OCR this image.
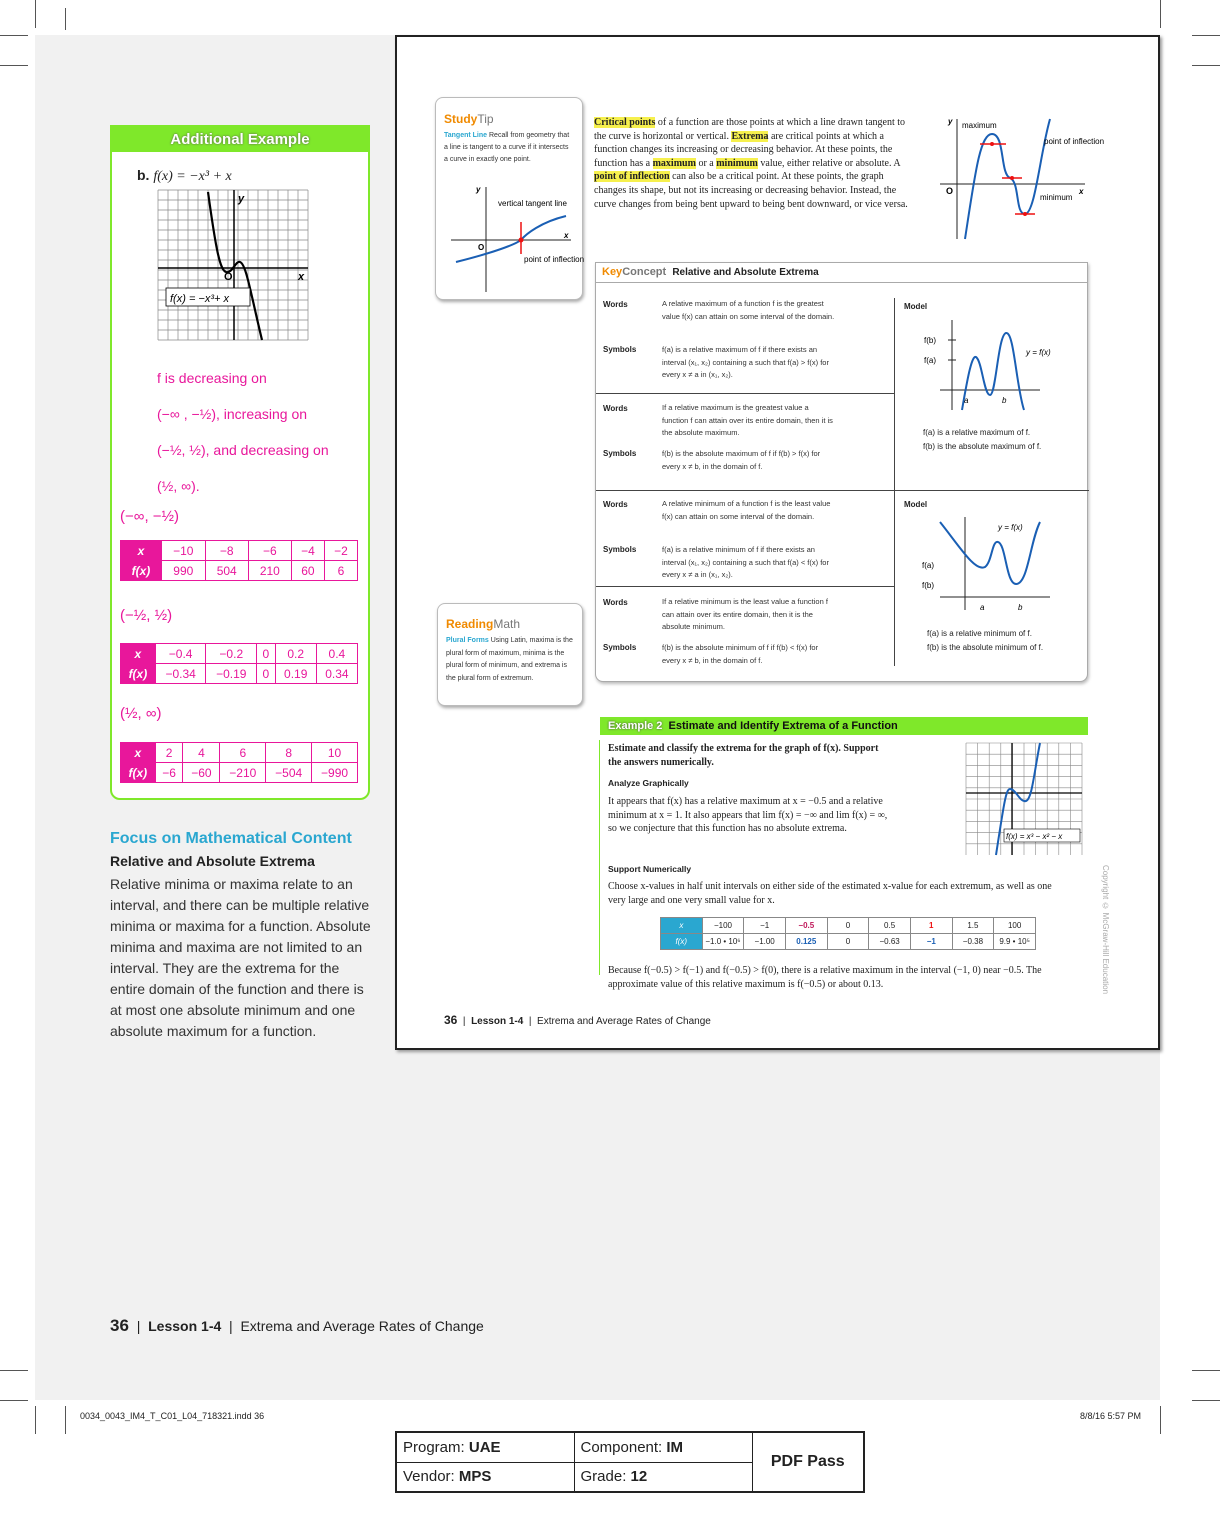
Additional Example
b. f(x) = −x³ + x
x
y
O
f(x) = −x³+ x
f is decreasing on
(−∞ , −½), increasing on
(−½, ½), and decreasing on
(½, ∞).
(−∞, −½)
x	−10	−8	−6	−4	−2
f(x)	990	504	210	60	6
(−½, ½)
x	−0.4	−0.2	0	0.2	0.4
f(x)	−0.34	−0.19	0	0.19	0.34
(½, ∞)
x	2	4	6	8	10
f(x)	−6	−60	−210	−504	−990
Focus on Mathematical Content
Relative and Absolute Extrema
Relative minima or maxima relate to an interval, and there can be multiple relative minima or maxima for a function. Absolute minima and maxima are not limited to an interval. They are the extrema for the entire domain of the function and there is at most one absolute minimum and one absolute maximum for a function.
StudyTip
Tangent Line Recall from geometry that a line is tangent to a curve if it intersects a curve in exactly one point.
vertical tangent line
point of inflection
y
x
O
Critical points of a function are those points at which a line drawn tangent to the curve is horizontal or vertical. Extrema are critical points at which a function changes its increasing or decreasing behavior. At these points, the function has a maximum or a minimum value, either relative or absolute. A point of inflection can also be a critical point. At these points, the graph changes its shape, but not its increasing or decreasing behavior. Instead, the curve changes from being bent upward to being bent downward, or vice versa.
maximum
point of inflection
minimum
y
x
O
KeyConcept Relative and Absolute Extrema
Words	A relative maximum of a function f is the greatest value f(x) can attain on some interval of the domain.
Symbols	f(a) is a relative maximum of f if there exists an interval (x₁, x₂) containing a such that f(a) > f(x) for every x ≠ a in (x₁, x₂).
Words	If a relative maximum is the greatest value a function f can attain over its entire domain, then it is the absolute maximum.
Symbols	f(b) is the absolute maximum of f if f(b) > f(x) for every x ≠ b, in the domain of f.
Words	A relative minimum of a function f is the least value f(x) can attain on some interval of the domain.
Symbols	f(a) is a relative minimum of f if there exists an interval (x₁, x₂) containing a such that f(a) < f(x) for every x ≠ a in (x₁, x₂).
Words	If a relative minimum is the least value a function f can attain over its entire domain, then it is the absolute minimum.
Symbols	f(b) is the absolute minimum of f if f(b) < f(x) for every x ≠ b, in the domain of f.
Model
f(b)
f(a)
y = f(x)
a	b
f(a) is a relative maximum of f.
f(b) is the absolute maximum of f.
Model
f(a)
f(b)
y = f(x)
a	b
f(a) is a relative minimum of f.
f(b) is the absolute minimum of f.
ReadingMath
Plural Forms Using Latin, maxima is the plural form of maximum, minima is the plural form of minimum, and extrema is the plural form of extremum.
Example 2 Estimate and Identify Extrema of a Function
Estimate and classify the extrema for the graph of f(x). Support the answers numerically.
Analyze Graphically
It appears that f(x) has a relative maximum at x = −0.5 and a relative minimum at x = 1. It also appears that lim f(x) = −∞ and lim f(x) = ∞, so we conjecture that this function has no absolute extrema.
f(x) = x³ − x² − x
Support Numerically
Choose x-values in half unit intervals on either side of the estimated x-value for each extremum, as well as one very large and one very small value for x.
x	−100	−1	−0.5	0	0.5	1	1.5	100
f(x)	−1.0 • 10⁶	−1.00	0.125	0	−0.63	−1	−0.38	9.9 • 10⁵
Because f(−0.5) > f(−1) and f(−0.5) > f(0), there is a relative maximum in the interval (−1, 0) near −0.5. The approximate value of this relative maximum is f(−0.5) or about 0.13.	Copyright © McGraw-Hill Education
36  |  Lesson 1-4  |  Extrema and Average Rates of Change
36  |  Lesson 1-4  |  Extrema and Average Rates of Change
0034_0043_IM4_T_C01_L04_718321.indd 36	8/8/16 5:57 PM
Program: UAE	Component: IM	PDF Pass
Vendor: MPS	Grade: 12	
